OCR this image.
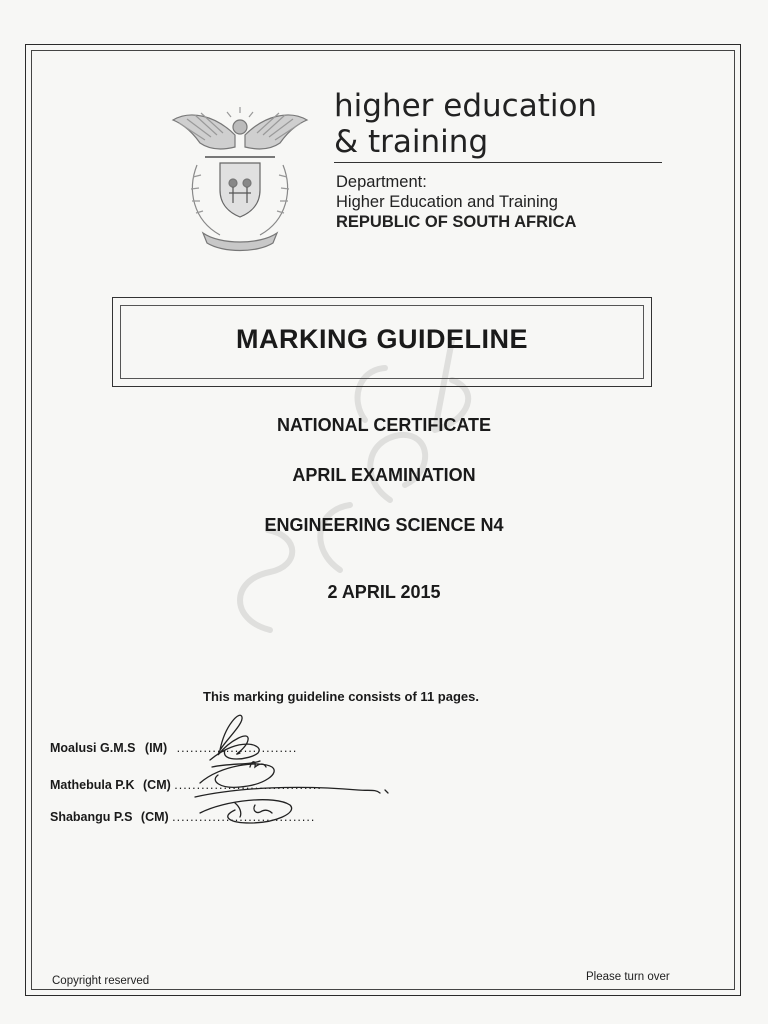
higher education
& training
Department:
Higher Education and Training
REPUBLIC OF SOUTH AFRICA
MARKING GUIDELINE
NATIONAL CERTIFICATE
APRIL EXAMINATION
ENGINEERING SCIENCE N4
2 APRIL 2015
This marking guideline consists of 11 pages.
Moalusi G.M.S (IM) ...........................
Mathebula P.K (CM) .................................
Shabangu P.S (CM) ................................
Copyright reserved	Please turn over
